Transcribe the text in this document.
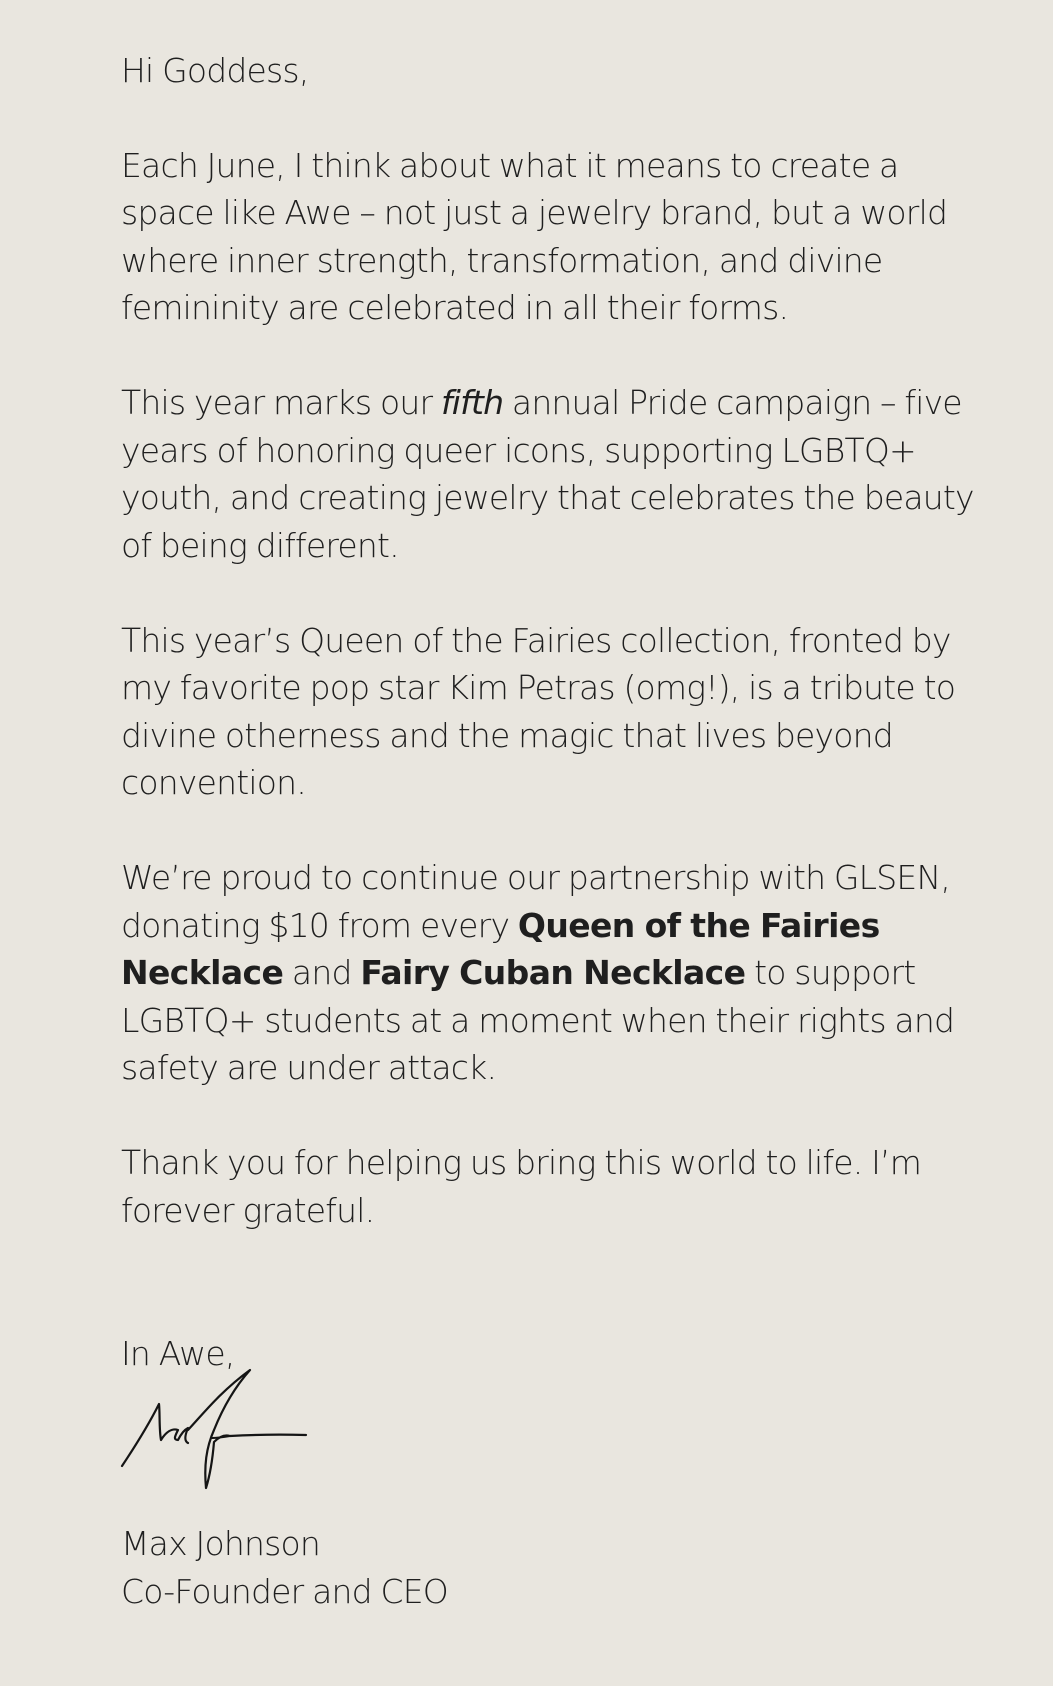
Hi Goddess,

Each June, I think about what it means to create a space like Awe – not just a jewelry brand, but a world where inner strength, transformation, and divine femininity are celebrated in all their forms.

This year marks our fifth annual Pride campaign – five years of honoring queer icons, supporting LGBTQ+ youth, and creating jewelry that celebrates the beauty of being different.

This year’s Queen of the Fairies collection, fronted by my favorite pop star Kim Petras (omg!), is a tribute to divine otherness and the magic that lives beyond convention.

We’re proud to continue our partnership with GLSEN, donating $10 from every Queen of the Fairies Necklace and Fairy Cuban Necklace to support LGBTQ+ students at a moment when their rights and safety are under attack.

Thank you for helping us bring this world to life. I’m forever grateful.

In Awe,

Max Johnson

Co-Founder and CEO
